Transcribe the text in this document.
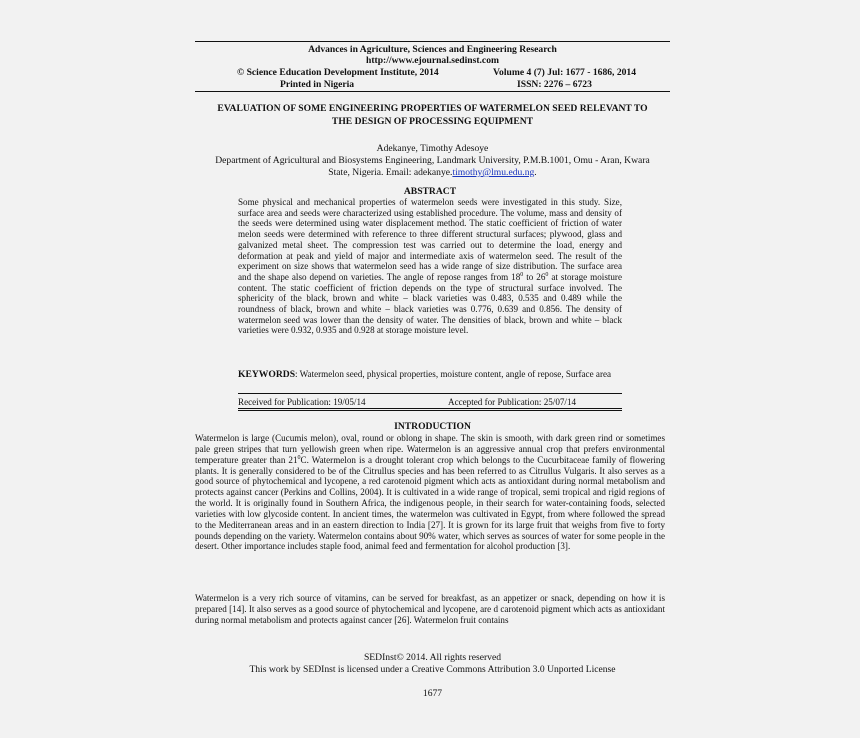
Advances in Agriculture, Sciences and Engineering Research
http://www.ejournal.sedinst.com
© Science Education Development Institute, 2014	Volume 4 (7) Jul: 1677 - 1686, 2014
Printed in Nigeria	ISSN: 2276 – 6723
EVALUATION OF SOME ENGINEERING PROPERTIES OF WATERMELON SEED RELEVANT TO
THE DESIGN OF PROCESSING EQUIPMENT
Adekanye, Timothy Adesoye
Department of Agricultural and Biosystems Engineering, Landmark University, P.M.B.1001, Omu - Aran, Kwara
State, Nigeria. Email: adekanye.timothy@lmu.edu.ng.
ABSTRACT
Some physical and mechanical properties of watermelon seeds were investigated in this study. Size, surface area and seeds were characterized using established procedure. The volume, mass and density of the seeds were determined using water displacement method. The static coefficient of friction of water melon seeds were determined with reference to three different structural surfaces; plywood, glass and galvanized metal sheet. The compression test was carried out to determine the load, energy and deformation at peak and yield of major and intermediate axis of watermelon seed. The result of the experiment on size shows that watermelon seed has a wide range of size distribution. The surface area and the shape also depend on varieties. The angle of repose ranges from $18^0$ to $26^0$ at storage moisture content. The static coefficient of friction depends on the type of structural surface involved. The sphericity of the black, brown and white – black varieties was 0.483, 0.535 and 0.489 while the roundness of black, brown and white – black varieties was 0.776, 0.639 and 0.856. The density of watermelon seed was lower than the density of water. The densities of black, brown and white – black varieties were 0.932, 0.935 and 0.928 at storage moisture level.
KEYWORDS: Watermelon seed, physical properties, moisture content, angle of repose, Surface area
Received for Publication: 19/05/14	Accepted for Publication: 25/07/14
INTRODUCTION
Watermelon is large (Cucumis melon), oval, round or oblong in shape. The skin is smooth, with dark green rind or sometimes pale green stripes that turn yellowish green when ripe. Watermelon is an aggressive annual crop that prefers environmental temperature greater than $21^0C$. Watermelon is a drought tolerant crop which belongs to the Cucurbitaceae family of flowering plants. It is generally considered to be of the Citrullus species and has been referred to as Citrullus Vulgaris. It also serves as a good source of phytochemical and lycopene, a red carotenoid pigment which acts as antioxidant during normal metabolism and protects against cancer (Perkins and Collins, 2004). It is cultivated in a wide range of tropical, semi tropical and rigid regions of the world. It is originally found in Southern Africa, the indigenous people, in their search for water-containing foods, selected varieties with low glycoside content. In ancient times, the watermelon was cultivated in Egypt, from where followed the spread to the Mediterranean areas and in an eastern direction to India [27]. It is grown for its large fruit that weighs from five to forty pounds depending on the variety. Watermelon contains about 90% water, which serves as sources of water for some people in the desert. Other importance includes staple food, animal feed and fermentation for alcohol production [3].
Watermelon is a very rich source of vitamins, can be served for breakfast, as an appetizer or snack, depending on how it is prepared [14]. It also serves as a good source of phytochemical and lycopene, are d carotenoid pigment which acts as antioxidant during normal metabolism and protects against cancer [26]. Watermelon fruit contains
SEDInst© 2014. All rights reserved
This work by SEDInst is licensed under a Creative Commons Attribution 3.0 Unported License
1677
